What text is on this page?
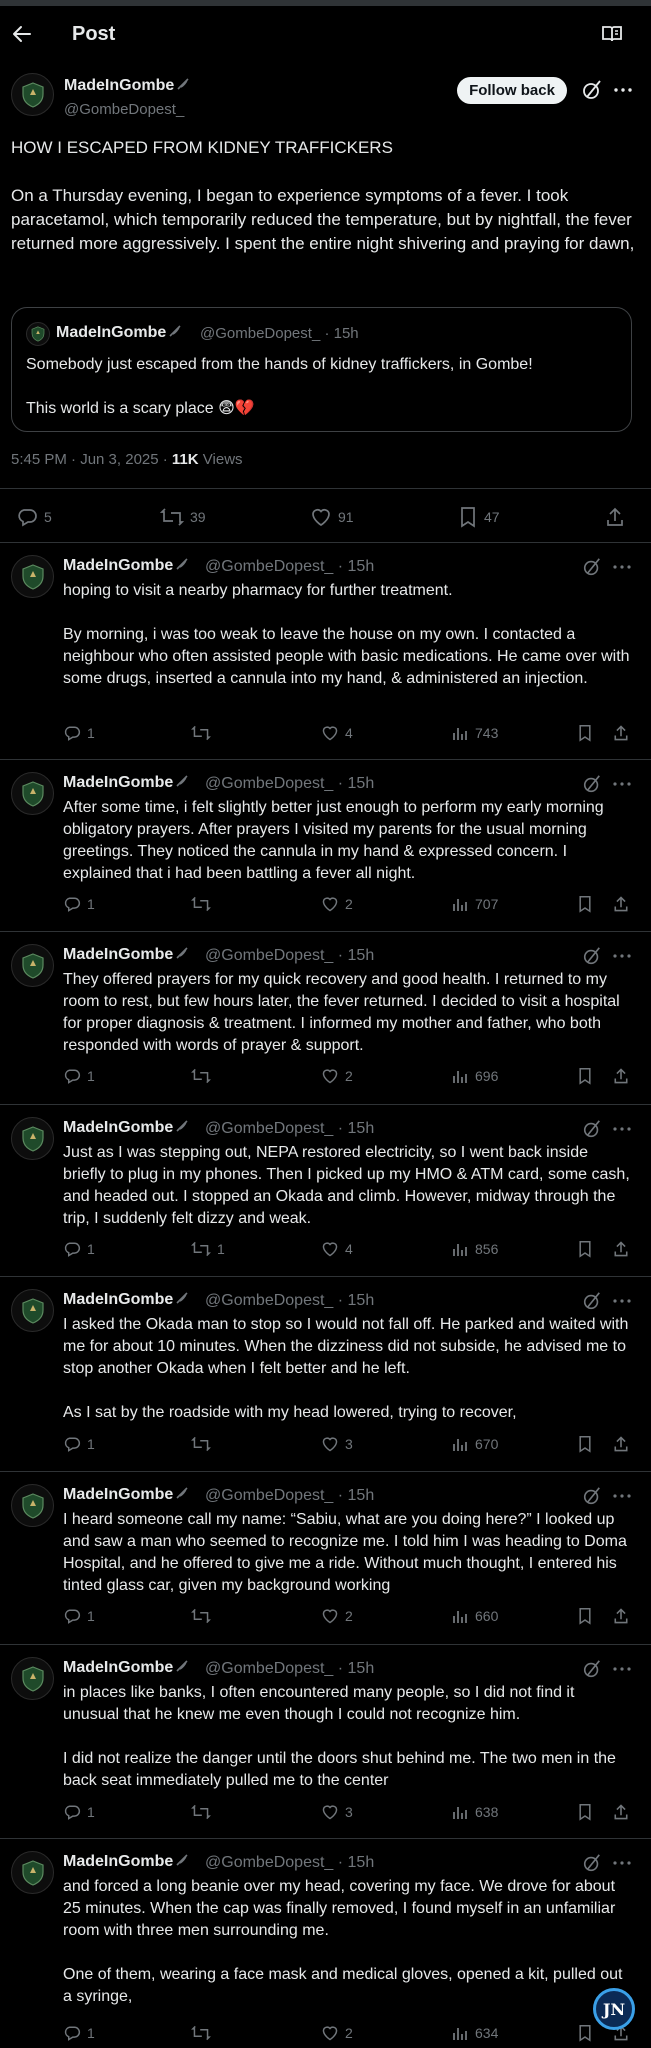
Post
MadeInGombe
@GombeDopest_
Follow back

HOW I ESCAPED FROM KIDNEY TRAFFICKERS

On a Thursday evening, I began to experience symptoms of a fever. I took paracetamol, which temporarily reduced the temperature, but by nightfall, the fever returned more aggressively. I spent the entire night shivering and praying for dawn,

MadeInGombe	@GombeDopest_ · 15h
Somebody just escaped from the hands of kidney traffickers, in Gombe!
This world is a scary place 😨💔
5:45 PM · Jun 3, 2025 · 11K Views
5	39	91	47
MadeInGombe	@GombeDopest_ · 15h

hoping to visit a nearby pharmacy for further treatment.

By morning, i was too weak to leave the house on my own. I contacted a neighbour who often assisted people with basic medications. He came over with some drugs, inserted a cannula into my hand, & administered an injection.

1	4	743
MadeInGombe	@GombeDopest_ · 15h

After some time, i felt slightly better just enough to perform my early morning obligatory prayers. After prayers I visited my parents for the usual morning greetings. They noticed the cannula in my hand & expressed concern. I explained that i had been battling a fever all night.

1	2	707
MadeInGombe	@GombeDopest_ · 15h

They offered prayers for my quick recovery and good health. I returned to my room to rest, but few hours later, the fever returned. I decided to visit a hospital for proper diagnosis & treatment. I informed my mother and father, who both responded with words of prayer & support.

1	2	696
MadeInGombe	@GombeDopest_ · 15h

Just as I was stepping out, NEPA restored electricity, so I went back inside briefly to plug in my phones. Then I picked up my HMO & ATM card, some cash, and headed out. I stopped an Okada and climb. However, midway through the trip, I suddenly felt dizzy and weak.

1	1	4	856
MadeInGombe	@GombeDopest_ · 15h

I asked the Okada man to stop so I would not fall off. He parked and waited with me for about 10 minutes. When the dizziness did not subside, he advised me to stop another Okada when I felt better and he left.

As I sat by the roadside with my head lowered, trying to recover,

1	3	670
MadeInGombe	@GombeDopest_ · 15h

I heard someone call my name: “Sabiu, what are you doing here?” I looked up and saw a man who seemed to recognize me. I told him I was heading to Doma Hospital, and he offered to give me a ride. Without much thought, I entered his tinted glass car, given my background working

1	2	660
MadeInGombe	@GombeDopest_ · 15h

in places like banks, I often encountered many people, so I did not find it unusual that he knew me even though I could not recognize him.

I did not realize the danger until the doors shut behind me. The two men in the back seat immediately pulled me to the center

1	3	638
MadeInGombe	@GombeDopest_ · 15h

and forced a long beanie over my head, covering my face. We drove for about 25 minutes. When the cap was finally removed, I found myself in an unfamiliar room with three men surrounding me.

One of them, wearing a face mask and medical gloves, opened a kit, pulled out a syringe,

1	2	634
JN
